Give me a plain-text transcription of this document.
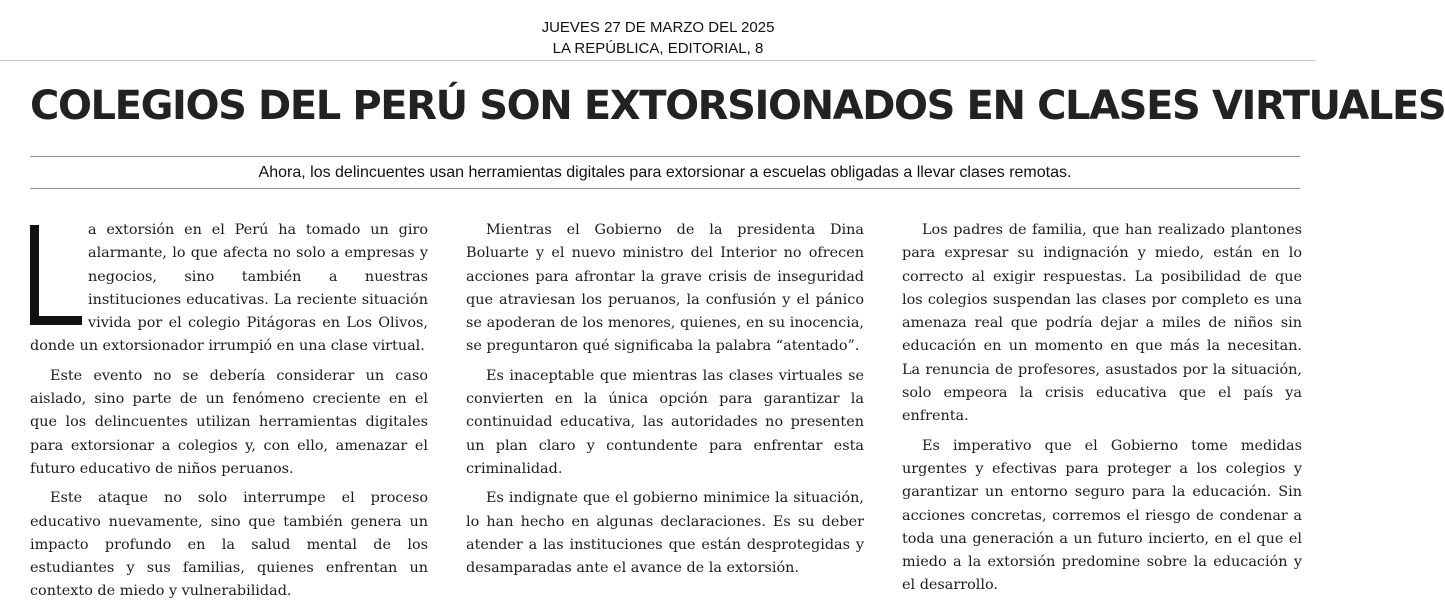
JUEVES 27 DE MARZO DEL 2025
LA REPÚBLICA, EDITORIAL, 8
COLEGIOS DEL PERÚ SON EXTORSIONADOS EN CLASES VIRTUALES
Ahora, los delincuentes usan herramientas digitales para extorsionar a escuelas obligadas a llevar clases remotas.

a extorsión en el Perú ha tomado un giro alarmante, lo que afecta no solo a empresas y negocios, sino también a nuestras instituciones educativas. La reciente situación vivida por el colegio Pitágoras en Los Olivos, donde un extorsionador irrumpió en una clase virtual.

Este evento no se debería considerar un caso aislado, sino parte de un fenómeno creciente en el que los delincuentes utilizan herramientas digitales para extorsionar a colegios y, con ello, amenazar el futuro educativo de niños peruanos.

Este ataque no solo interrumpe el proceso educativo nuevamente, sino que también genera un impacto profundo en la salud mental de los estudiantes y sus familias, quienes enfrentan un contexto de miedo y vulnerabilidad.

Mientras el Gobierno de la presidenta Dina Boluarte y el nuevo ministro del Interior no ofrecen acciones para afrontar la grave crisis de inseguridad que atraviesan los peruanos, la confusión y el pánico se apoderan de los menores, quienes, en su inocencia, se preguntaron qué significaba la palabra “atentado”.

Es inaceptable que mientras las clases virtuales se convierten en la única opción para garantizar la continuidad educativa, las autoridades no presenten un plan claro y contundente para enfrentar esta criminalidad.

Es indignate que el gobierno minimice la situación, lo han hecho en algunas declaraciones. Es su deber atender a las instituciones que están desprotegidas y desamparadas ante el avance de la extorsión.

Los padres de familia, que han realizado plantones para expresar su indignación y miedo, están en lo correcto al exigir respuestas. La posibilidad de que los colegios suspendan las clases por completo es una amenaza real que podría dejar a miles de niños sin educación en un momento en que más la necesitan. La renuncia de profesores, asustados por la situación, solo empeora la crisis educativa que el país ya enfrenta.

Es imperativo que el Gobierno tome medidas urgentes y efectivas para proteger a los colegios y garantizar un entorno seguro para la educación. Sin acciones concretas, corremos el riesgo de condenar a toda una generación a un futuro incierto, en el que el miedo a la extorsión predomine sobre la educación y el desarrollo.
